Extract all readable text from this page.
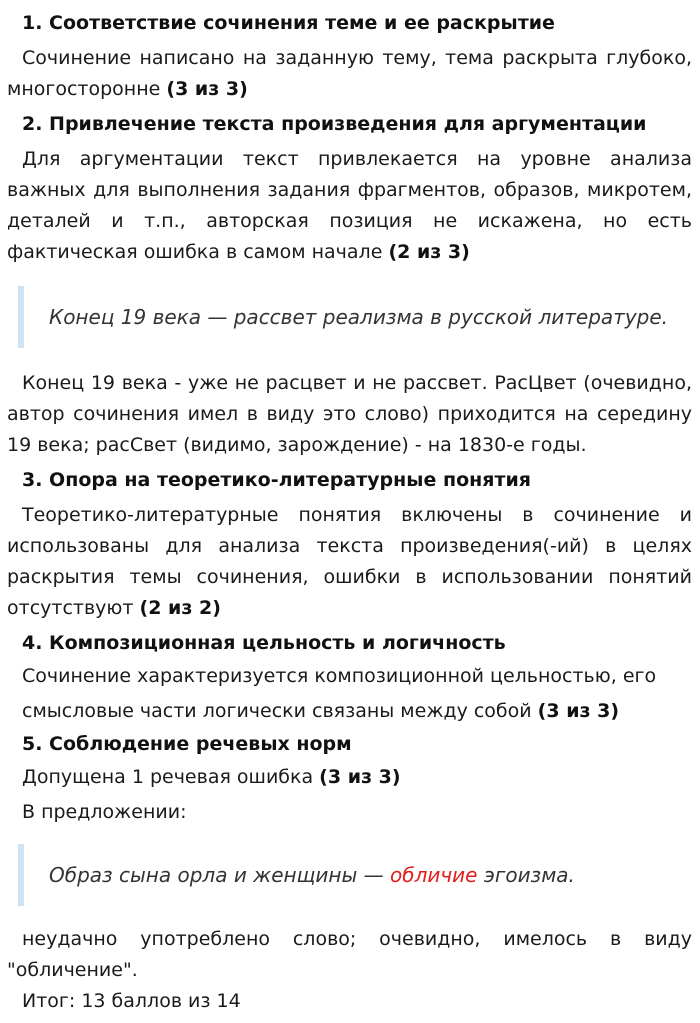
1. Соответствие сочинения теме и ее раскрытие

Сочинение написано на заданную тему, тема раскрыта глубоко, многосторонне (3 из 3)

2. Привлечение текста произведения для аргументации

Для аргументации текст привлекается на уровне анализа важных для выполнения задания фрагментов, образов, микротем, деталей и т.п., авторская позиция не искажена, но есть фактическая ошибка в самом начале (2 из 3)

Конец 19 века — рассвет реализма в русской литературе.

Конец 19 века - уже не расцвет и не рассвет. РасЦвет (очевидно, автор сочинения имел в виду это слово) приходится на середину 19 века; расСвет (видимо, зарождение) - на 1830-е годы.

3. Опора на теоретико-литературные понятия

Теоретико-литературные понятия включены в сочинение и использованы для анализа текста произведения(-ий) в целях раскрытия темы сочинения, ошибки в использовании понятий отсутствуют (2 из 2)

4. Композиционная цельность и логичность

Сочинение характеризуется композиционной цельностью, его смысловые части логически связаны между собой (3 из 3)

5. Соблюдение речевых норм

Допущена 1 речевая ошибка (3 из 3)

В предложении:

Образ сына орла и женщины — обличие эгоизма.

неудачно употреблено слово; очевидно, имелось в виду "обличение".

Итог: 13 баллов из 14
